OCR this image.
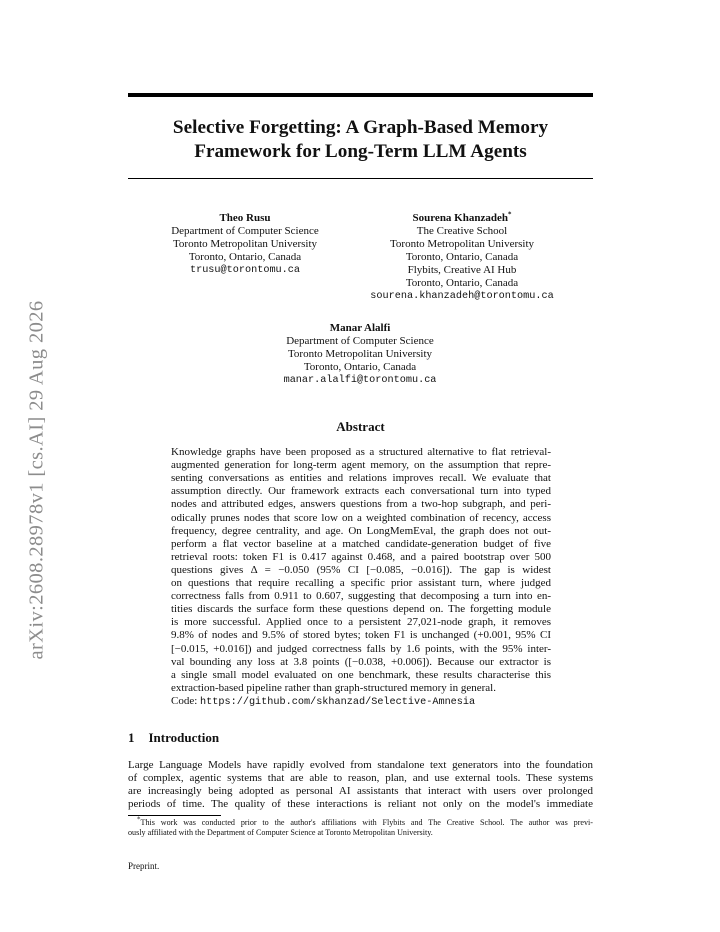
arXiv:2608.28978v1 [cs.AI] 29 Aug 2026
Selective Forgetting: A Graph-Based Memory
Framework for Long-Term LLM Agents
Theo Rusu
Department of Computer Science
Toronto Metropolitan University
Toronto, Ontario, Canada
trusu@torontomu.ca
Sourena Khanzadeh*
The Creative School
Toronto Metropolitan University
Toronto, Ontario, Canada
Flybits, Creative AI Hub
Toronto, Ontario, Canada
sourena.khanzadeh@torontomu.ca
Manar Alalfi
Department of Computer Science
Toronto Metropolitan University
Toronto, Ontario, Canada
manar.alalfi@torontomu.ca
Abstract
Knowledge graphs have been proposed as a structured alternative to flat retrieval-
augmented generation for long-term agent memory, on the assumption that repre-
senting conversations as entities and relations improves recall. We evaluate that
assumption directly. Our framework extracts each conversational turn into typed
nodes and attributed edges, answers questions from a two-hop subgraph, and peri-
odically prunes nodes that score low on a weighted combination of recency, access
frequency, degree centrality, and age. On LongMemEval, the graph does not out-
perform a flat vector baseline at a matched candidate-generation budget of five
retrieval roots: token F1 is 0.417 against 0.468, and a paired bootstrap over 500
questions gives Δ = −0.050 (95% CI [−0.085, −0.016]). The gap is widest
on questions that require recalling a specific prior assistant turn, where judged
correctness falls from 0.911 to 0.607, suggesting that decomposing a turn into en-
tities discards the surface form these questions depend on. The forgetting module
is more successful. Applied once to a persistent 27,021-node graph, it removes
9.8% of nodes and 9.5% of stored bytes; token F1 is unchanged (+0.001, 95% CI
[−0.015, +0.016]) and judged correctness falls by 1.6 points, with the 95% inter-
val bounding any loss at 3.8 points ([−0.038, +0.006]). Because our extractor is
a single small model evaluated on one benchmark, these results characterise this
extraction-based pipeline rather than graph-structured memory in general.
Code: https://github.com/skhanzad/Selective-Amnesia
1 Introduction
Large Language Models have rapidly evolved from standalone text generators into the foundation
of complex, agentic systems that are able to reason, plan, and use external tools. These systems
are increasingly being adopted as personal AI assistants that interact with users over prolonged
periods of time. The quality of these interactions is reliant not only on the model's immediate
*This work was conducted prior to the author's affiliations with Flybits and The Creative School. The author was previ-
ously affiliated with the Department of Computer Science at Toronto Metropolitan University.
Preprint.
